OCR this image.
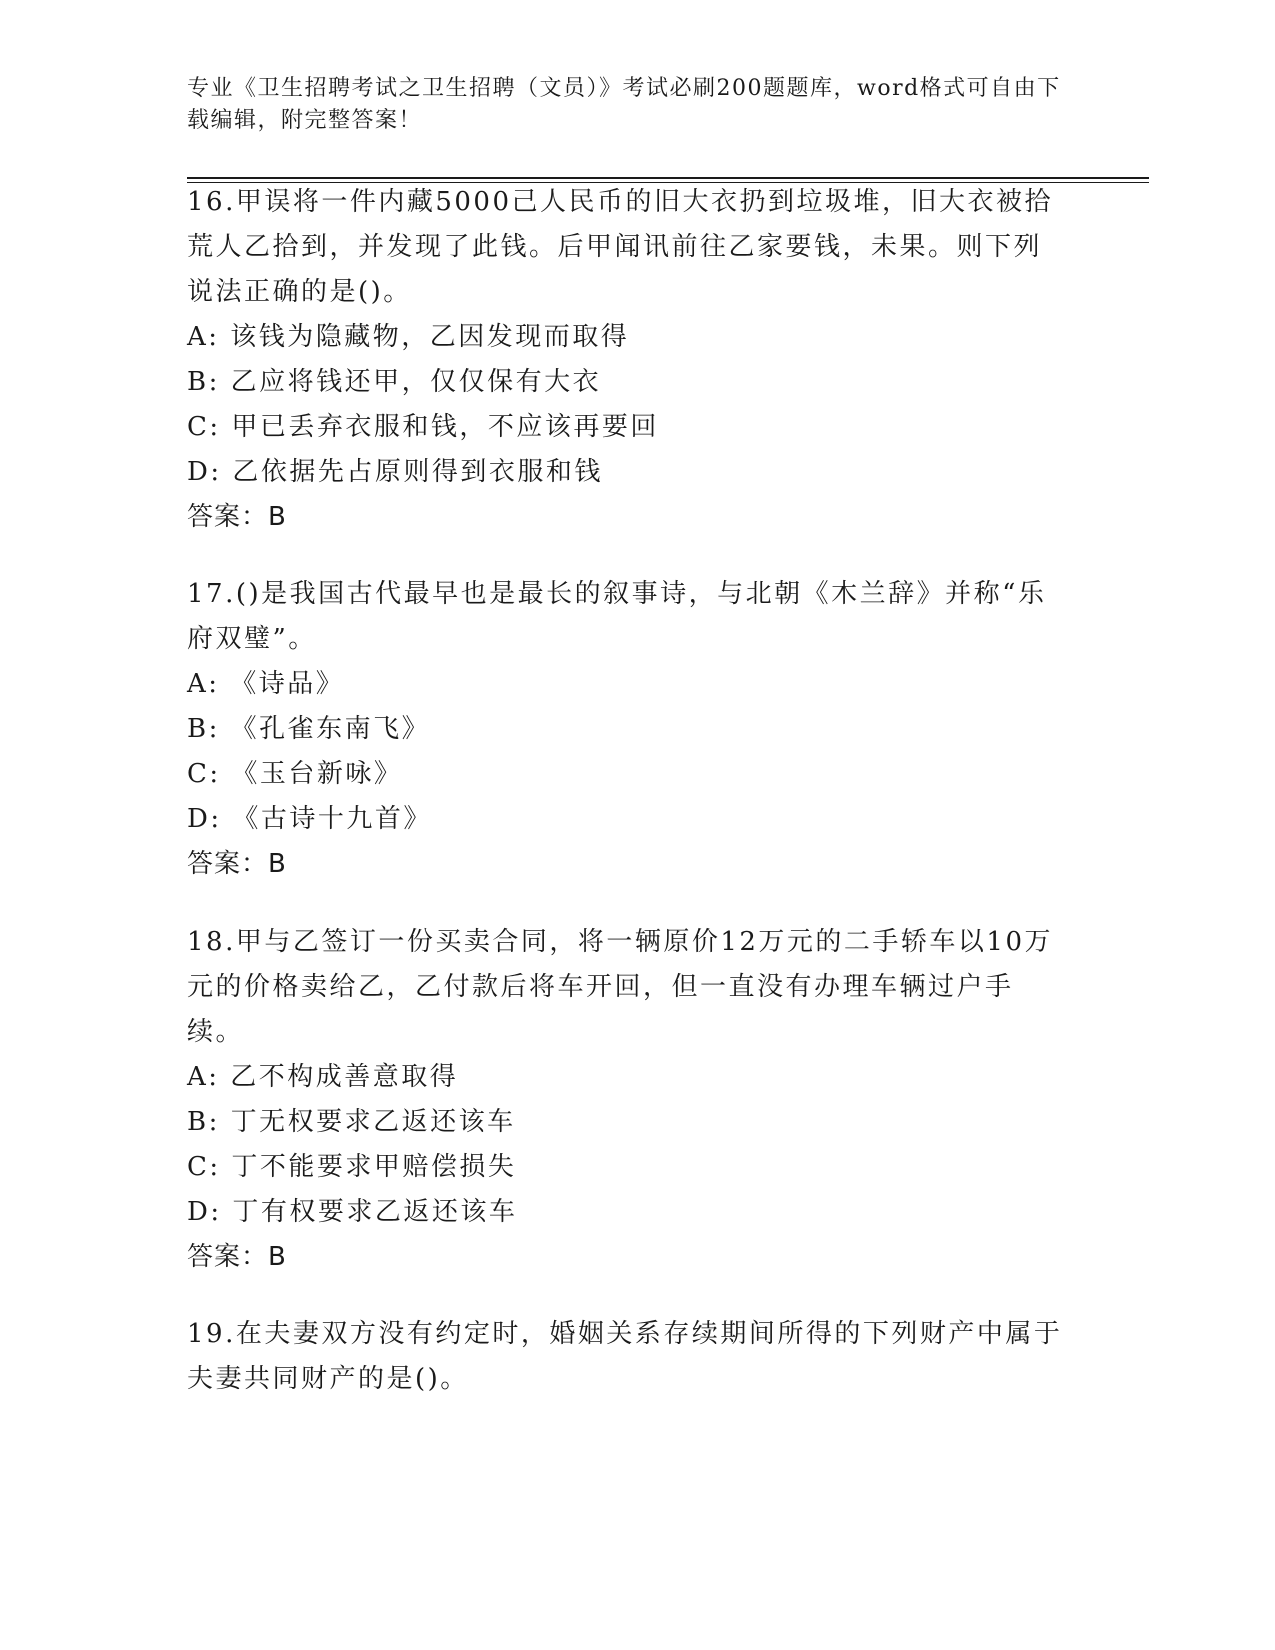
专业《卫生招聘考试之卫生招聘（文员）》考试必刷200题题库，word格式可自由下载编辑，附完整答案！
16.甲误将一件内藏5000己人民币的旧大衣扔到垃圾堆，旧大衣被拾荒人乙拾到，并发现了此钱。后甲闻讯前往乙家要钱，未果。则下列说法正确的是()。
A: 该钱为隐藏物，乙因发现而取得
B: 乙应将钱还甲，仅仅保有大衣
C: 甲已丢弃衣服和钱，不应该再要回
D: 乙依据先占原则得到衣服和钱
答案：B
17.()是我国古代最早也是最长的叙事诗，与北朝《木兰辞》并称“乐府双璧”。
A: 《诗品》
B: 《孔雀东南飞》
C: 《玉台新咏》
D: 《古诗十九首》
答案：B
18.甲与乙签订一份买卖合同，将一辆原价12万元的二手轿车以10万元的价格卖给乙，乙付款后将车开回，但一直没有办理车辆过户手续。
A: 乙不构成善意取得
B: 丁无权要求乙返还该车
C: 丁不能要求甲赔偿损失
D: 丁有权要求乙返还该车
答案：B
19.在夫妻双方没有约定时，婚姻关系存续期间所得的下列财产中属于夫妻共同财产的是()。
